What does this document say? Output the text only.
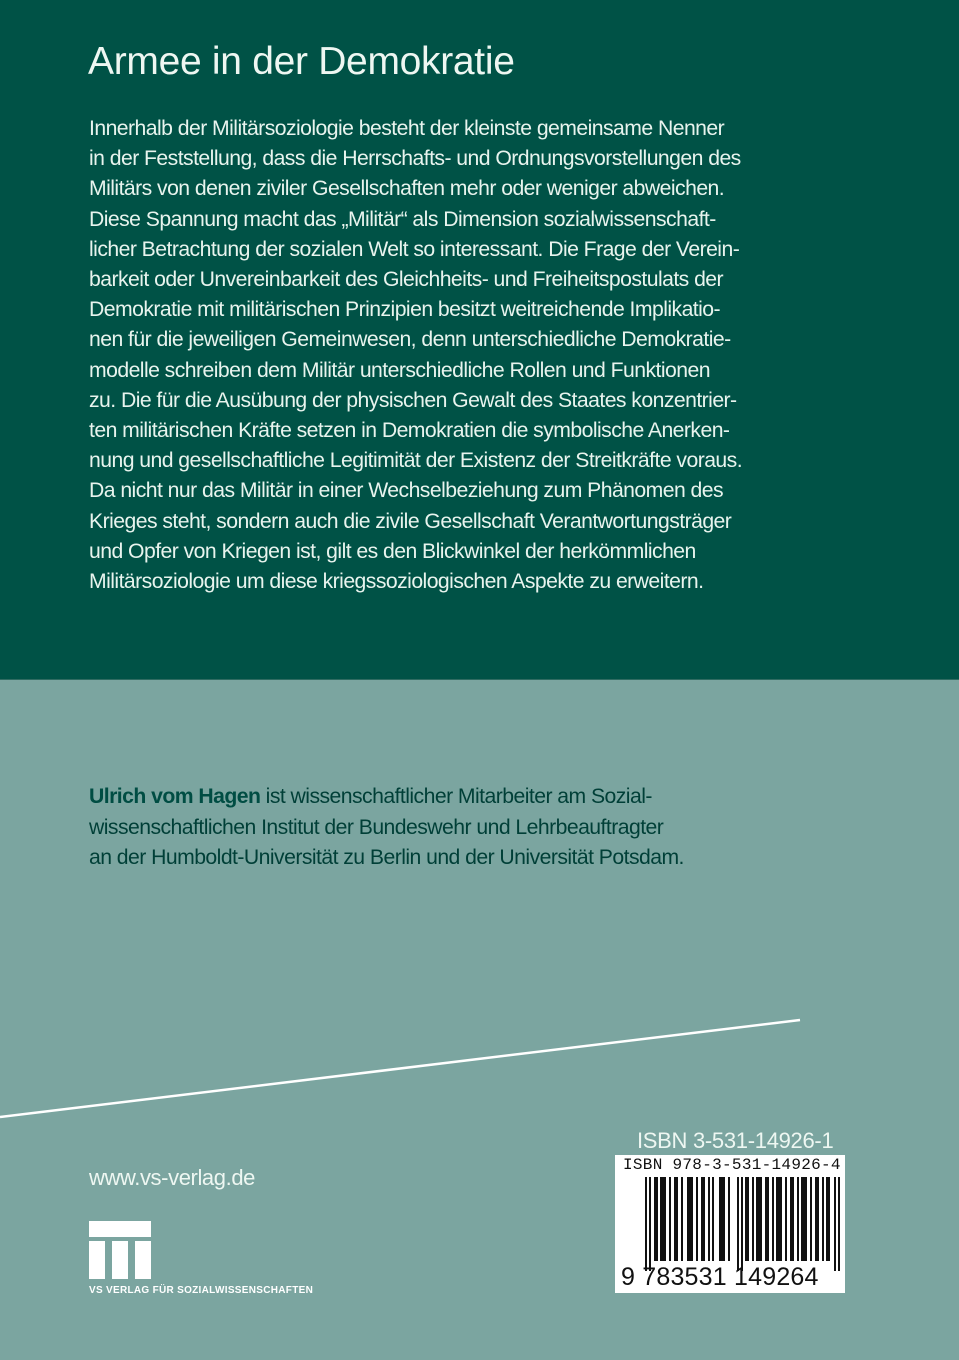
Armee in der Demokratie

Innerhalb der Militärsoziologie besteht der kleinste gemeinsame Nenner

in der Feststellung, dass die Herrschafts- und Ordnungsvorstellungen des

Militärs von denen ziviler Gesellschaften mehr oder weniger abweichen.

Diese Spannung macht das „Militär“ als Dimension sozialwissenschaft-

licher Betrachtung der sozialen Welt so interessant. Die Frage der Verein-

barkeit oder Unvereinbarkeit des Gleichheits- und Freiheitspostulats der

Demokratie mit militärischen Prinzipien besitzt weitreichende Implikatio-

nen für die jeweiligen Gemeinwesen, denn unterschiedliche Demokratie-

modelle schreiben dem Militär unterschiedliche Rollen und Funktionen

zu. Die für die Ausübung der physischen Gewalt des Staates konzentrier-

ten militärischen Kräfte setzen in Demokratien die symbolische Anerken-

nung und gesellschaftliche Legitimität der Existenz der Streitkräfte voraus.

Da nicht nur das Militär in einer Wechselbeziehung zum Phänomen des

Krieges steht, sondern auch die zivile Gesellschaft Verantwortungsträger

und Opfer von Kriegen ist, gilt es den Blickwinkel der herkömmlichen

Militärsoziologie um diese kriegssoziologischen Aspekte zu erweitern.

Ulrich vom Hagen ist wissenschaftlicher Mitarbeiter am Sozial-

wissenschaftlichen Institut der Bundeswehr und Lehrbeauftragter

an der Humboldt-Universität zu Berlin und der Universität Potsdam.

www.vs-verlag.de
VS VERLAG FÜR SOZIALWISSENSCHAFTEN
ISBN 3-531-14926-1
ISBN 978-3-531-14926-4
9 783531 149264
